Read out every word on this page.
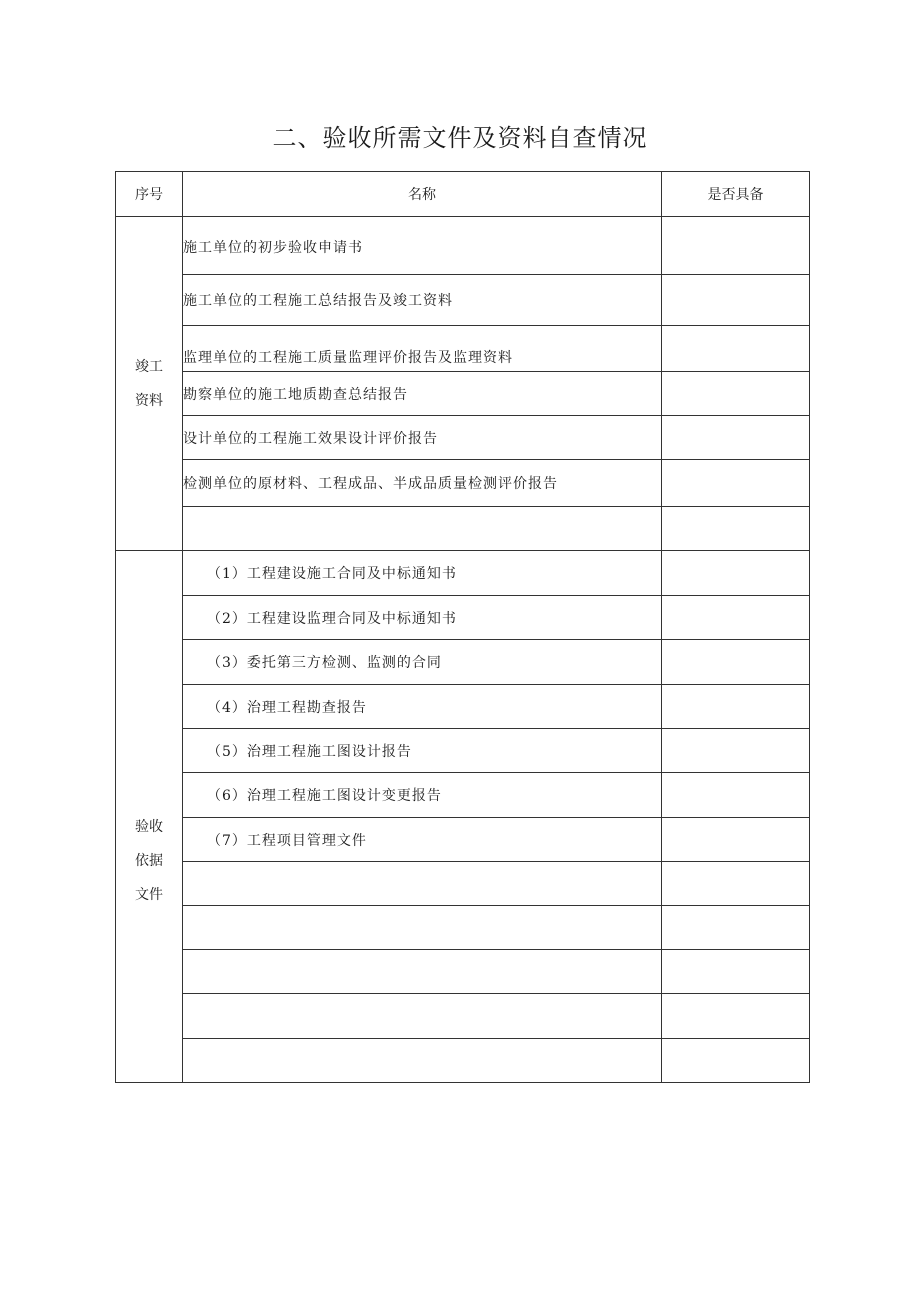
二、验收所需文件及资料自查情况
序号	名称	是否具备

竣工
资料	施工单位的初步验收申请书	
	施工单位的工程施工总结报告及竣工资料	
	监理单位的工程施工质量监理评价报告及监理资料	
	勘察单位的施工地质勘查总结报告	
	设计单位的工程施工效果设计评价报告	
	检测单位的原材料、工程成品、半成品质量检测评价报告	

验收
依据
文件	（1）工程建设施工合同及中标通知书	
	（2）工程建设监理合同及中标通知书	
	（3）委托第三方检测、监测的合同	
	（4）治理工程勘查报告	
	（5）治理工程施工图设计报告	
	（6）治理工程施工图设计变更报告	
	（7）工程项目管理文件	
